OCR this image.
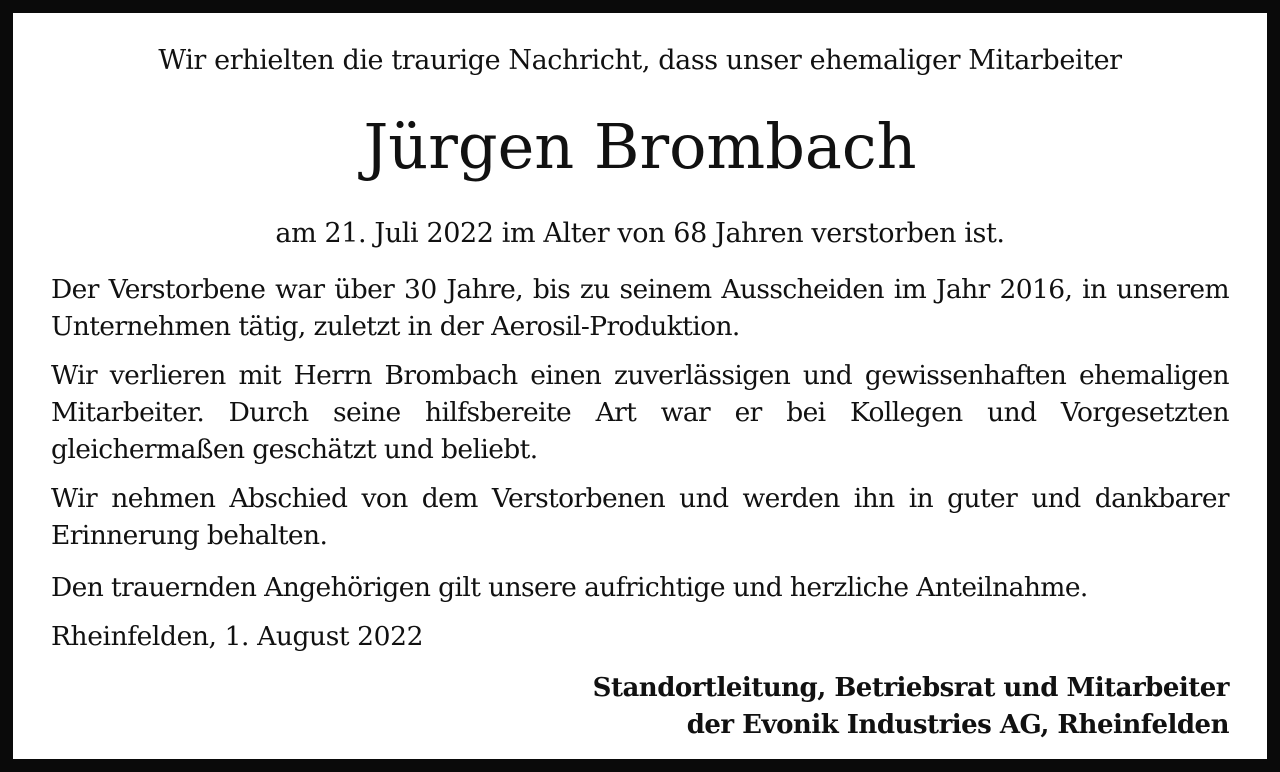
Wir erhielten die traurige Nachricht, dass unser ehemaliger Mitarbeiter

Jürgen Brombach

am 21. Juli 2022 im Alter von 68 Jahren verstorben ist.

Der Verstorbene war über 30 Jahre, bis zu seinem Ausscheiden im Jahr 2016, in unserem Unternehmen tätig, zuletzt in der Aerosil-Produktion.

Wir verlieren mit Herrn Brombach einen zuverlässigen und gewissenhaften ehemaligen Mitarbeiter. Durch seine hilfsbereite Art war er bei Kollegen und Vorgesetzten gleichermaßen geschätzt und beliebt.

Wir nehmen Abschied von dem Verstorbenen und werden ihn in guter und dankbarer Erinnerung behalten.

Den trauernden Angehörigen gilt unsere aufrichtige und herzliche Anteilnahme.

Rheinfelden, 1. August 2022

Standortleitung, Betriebsrat und Mitarbeiter
der Evonik Industries AG, Rheinfelden
